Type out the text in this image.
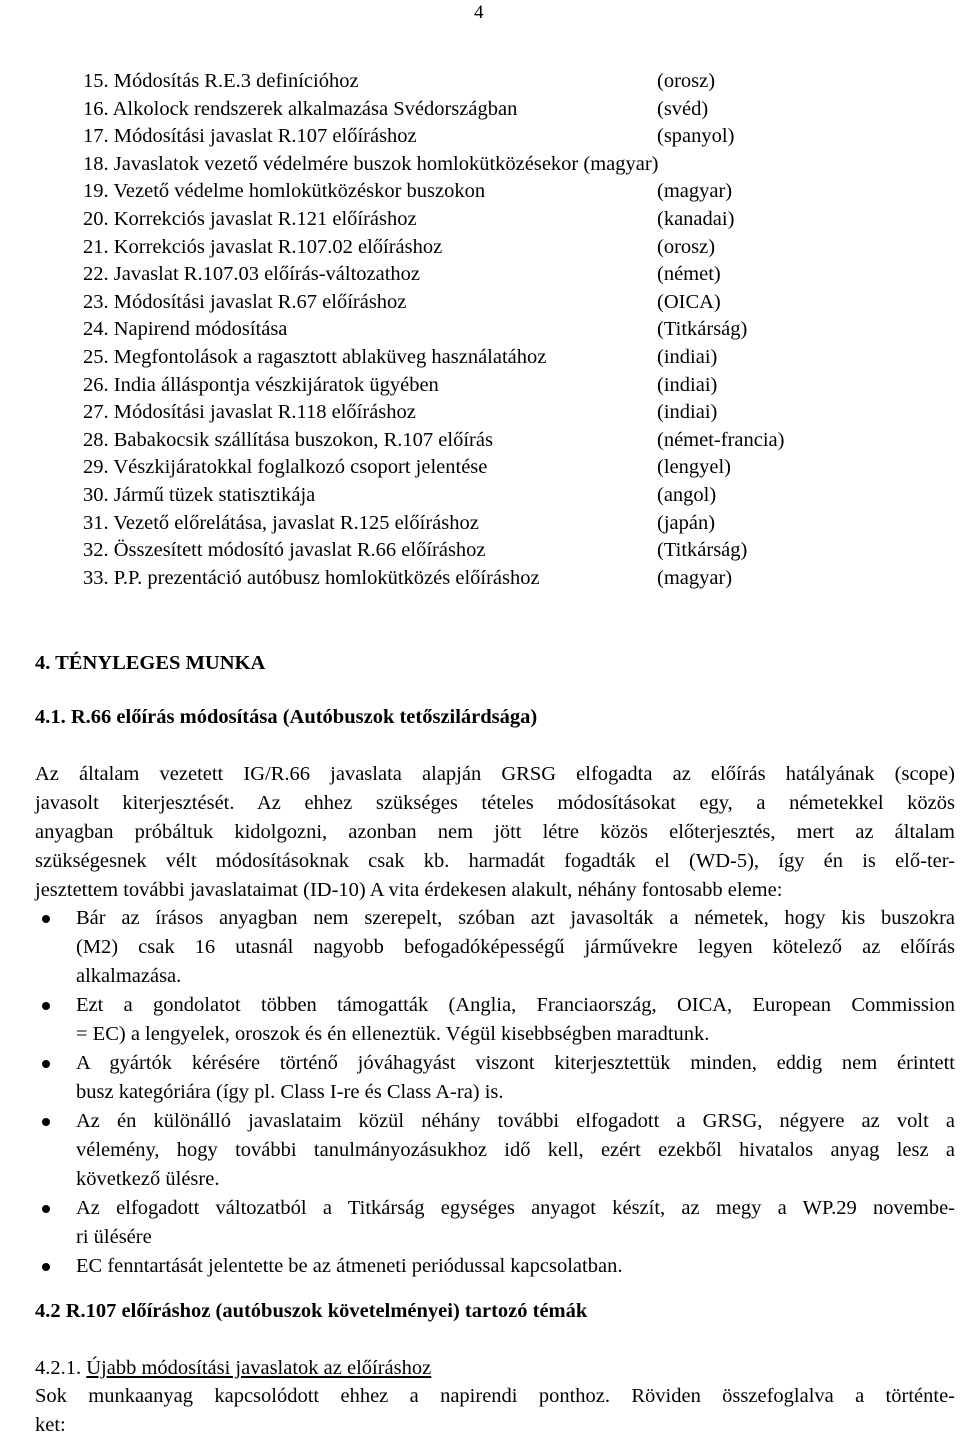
4
15. Módosítás R.E.3 definícióhoz	(orosz)
16. Alkolock rendszerek alkalmazása Svédországban	(svéd)
17. Módosítási javaslat R.107 előíráshoz	(spanyol)
18. Javaslatok vezető védelmére buszok homlokütközésekor (magyar)
19. Vezető védelme homlokütközéskor buszokon	(magyar)
20. Korrekciós javaslat R.121 előíráshoz	(kanadai)
21. Korrekciós javaslat R.107.02 előíráshoz	(orosz)
22. Javaslat R.107.03 előírás-változathoz	(német)
23. Módosítási javaslat R.67 előíráshoz	(OICA)
24. Napirend módosítása	(Titkárság)
25. Megfontolások a ragasztott ablaküveg használatához	(indiai)
26. India álláspontja vészkijáratok ügyében	(indiai)
27. Módosítási javaslat R.118 előíráshoz	(indiai)
28. Babakocsik szállítása buszokon, R.107 előírás	(német-francia)
29. Vészkijáratokkal foglalkozó csoport jelentése	(lengyel)
30. Jármű tüzek statisztikája	(angol)
31. Vezető előrelátása, javaslat R.125 előíráshoz	(japán)
32. Összesített módosító javaslat R.66 előíráshoz	(Titkárság)
33. P.P. prezentáció autóbusz homlokütközés előíráshoz	(magyar)
4. TÉNYLEGES MUNKA
4.1. R.66 előírás módosítása (Autóbuszok tetőszilárdsága)

Az általam vezetett IG/R.66 javaslata alapján GRSG elfogadta az előírás hatályának (scope)
javasolt kiterjesztését. Az ehhez szükséges tételes módosításokat egy, a németekkel közös
anyagban próbáltuk kidolgozni, azonban nem jött létre közös előterjesztés, mert az általam
szükségesnek vélt módosításoknak csak kb. harmadát fogadták el (WD-5), így én is elő-ter-
jesztettem további javaslataimat (ID-10) A vita érdekesen alakult, néhány fontosabb eleme:

Bár az írásos anyagban nem szerepelt, szóban azt javasolták a németek, hogy kis buszokra
(M2) csak 16 utasnál nagyobb befogadóképességű járművekre legyen kötelező az előírás
alkalmazása.
Ezt a gondolatot többen támogatták (Anglia, Franciaország, OICA, European Commission
= EC) a lengyelek, oroszok és én elleneztük. Végül kisebbségben maradtunk.
A gyártók kérésére történő jóváhagyást viszont kiterjesztettük minden, eddig nem érintett
busz kategóriára (így pl. Class I-re és Class A-ra) is.
Az én különálló javaslataim közül néhány további elfogadott a GRSG, négyere az volt a
vélemény, hogy további tanulmányozásukhoz idő kell, ezért ezekből hivatalos anyag lesz a
következő ülésre.
Az elfogadott változatból a Titkárság egységes anyagot készít, az megy a WP.29 novembe-
ri ülésére
EC fenntartását jelentette be az átmeneti periódussal kapcsolatban.
4.2 R.107 előíráshoz (autóbuszok követelményei) tartozó témák
4.2.1. Újabb módosítási javaslatok az előíráshoz

Sok munkaanyag kapcsolódott ehhez a napirendi ponthoz. Röviden összefoglalva a történte-
ket:
